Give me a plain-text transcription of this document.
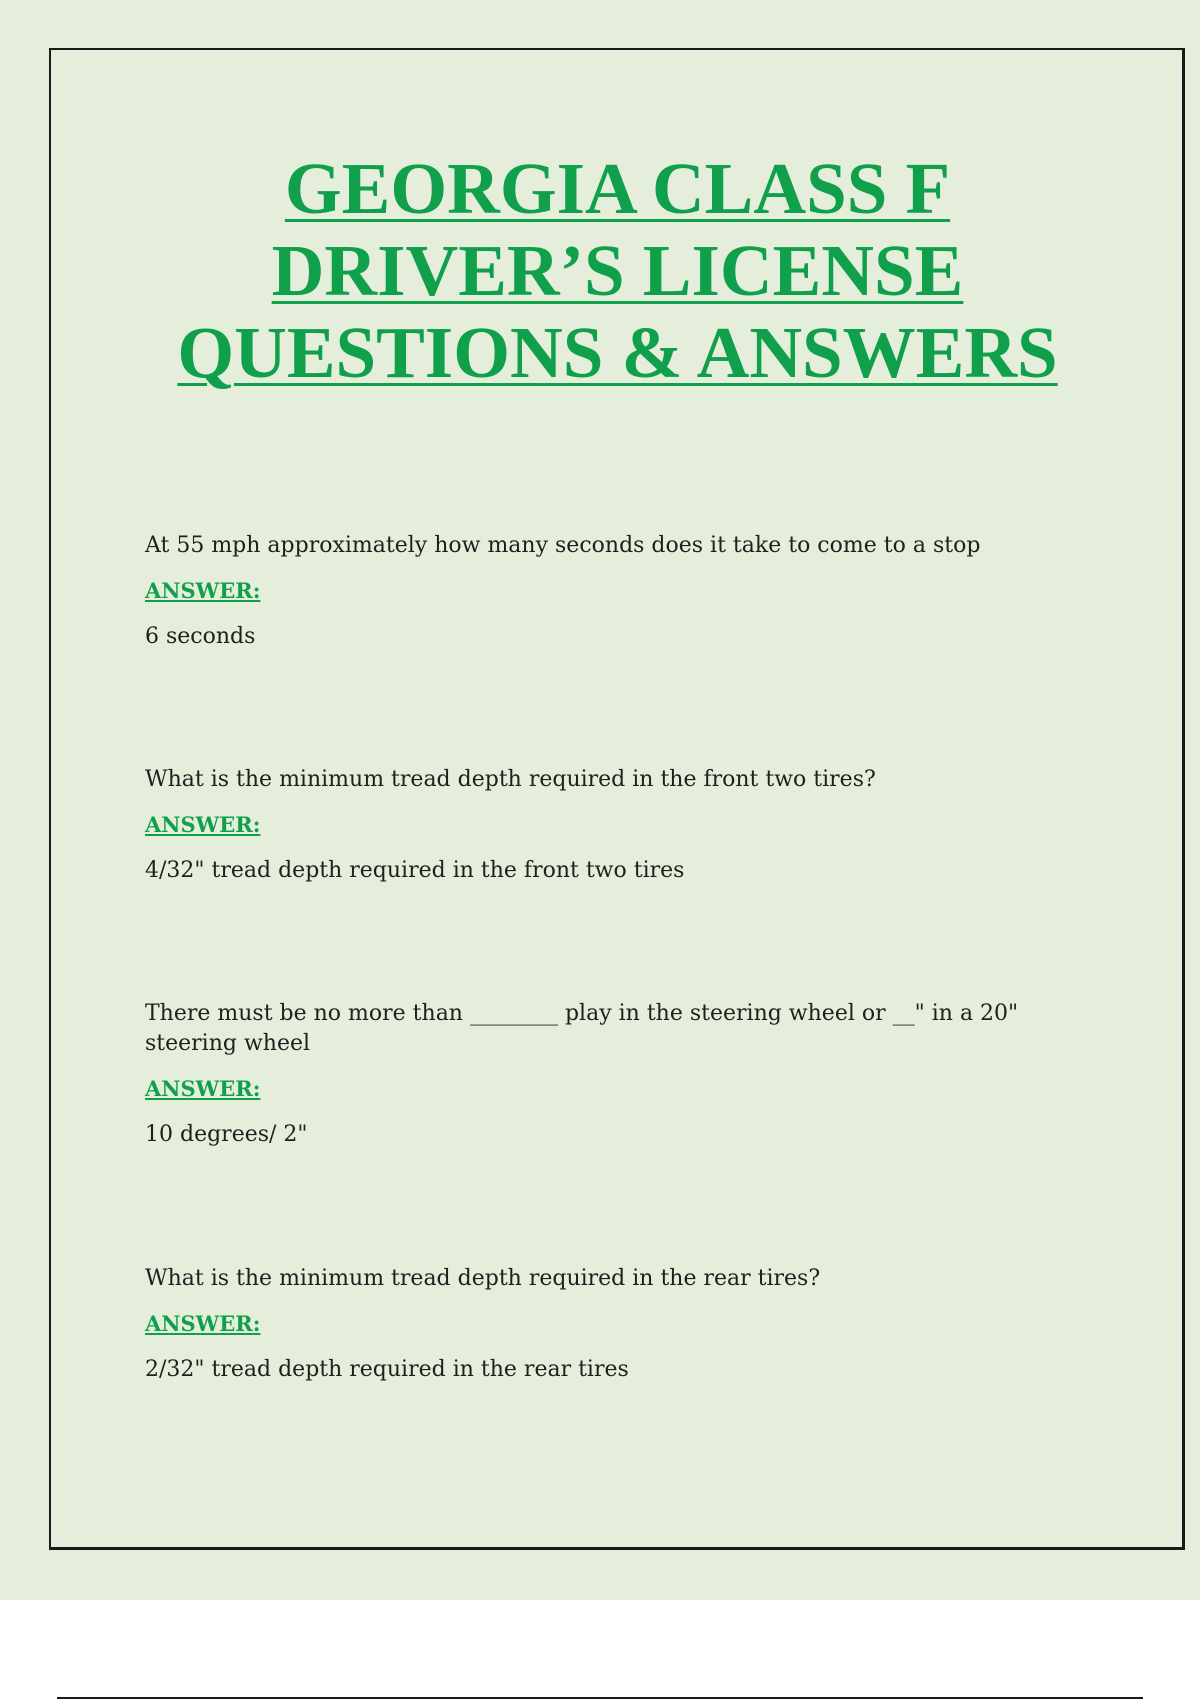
GEORGIA CLASS F DRIVER’S LICENSE QUESTIONS & ANSWERS

At 55 mph approximately how many seconds does it take to come to a stop

ANSWER:
6 seconds

What is the minimum tread depth required in the front two tires?

ANSWER:
4/32" tread depth required in the front two tires

There must be no more than ________ play in the steering wheel or __" in a 20" steering wheel

ANSWER:
10 degrees/ 2"

What is the minimum tread depth required in the rear tires?

ANSWER:
2/32" tread depth required in the rear tires
